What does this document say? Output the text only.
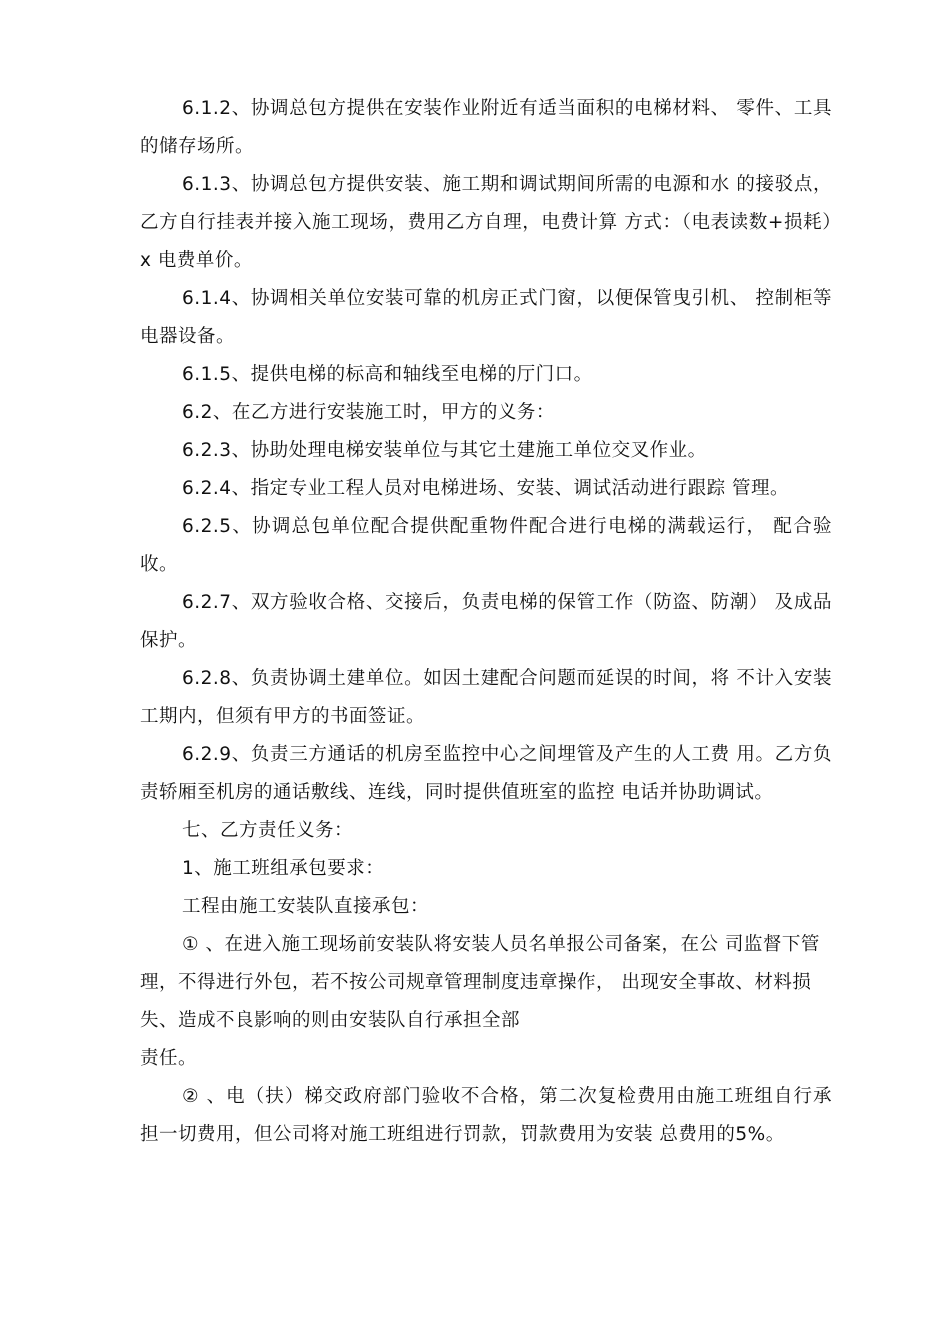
6.1.2、协调总包方提供在安装作业附近有适当面积的电梯材料、 零件、工具的储存场所。

6.1.3、协调总包方提供安装、施工期和调试期间所需的电源和水 的接驳点，乙方自行挂表并接入施工现场，费用乙方自理，电费计算 方式：（电表读数+损耗）x 电费单价。

6.1.4、协调相关单位安装可靠的机房正式门窗，以便保管曳引机、 控制柜等电器设备。

6.1.5、提供电梯的标高和轴线至电梯的厅门口。

6.2、在乙方进行安装施工时，甲方的义务：

6.2.3、协助处理电梯安装单位与其它土建施工单位交叉作业。

6.2.4、指定专业工程人员对电梯进场、安装、调试活动进行跟踪 管理。

6.2.5、协调总包单位配合提供配重物件配合进行电梯的满载运行， 配合验收。

6.2.7、双方验收合格、交接后，负责电梯的保管工作（防盗、防潮） 及成品保护。

6.2.8、负责协调土建单位。如因土建配合问题而延误的时间，将 不计入安装工期内，但须有甲方的书面签证。

6.2.9、负责三方通话的机房至监控中心之间埋管及产生的人工费 用。乙方负责轿厢至机房的通话敷线、连线，同时提供值班室的监控 电话并协助调试。

七、乙方责任义务：

1、施工班组承包要求：

工程由施工安装队直接承包：

① 、在进入施工现场前安装队将安装人员名单报公司备案，在公 司监督下管理，不得进行外包，若不按公司规章管理制度违章操作， 出现安全事故、材料损失、造成不良影响的则由安装队自行承担全部

责任。

② 、电（扶）梯交政府部门验收不合格，第二次复检费用由施工班组自行承担一切费用，但公司将对施工班组进行罚款，罚款费用为安装 总费用的5%。
